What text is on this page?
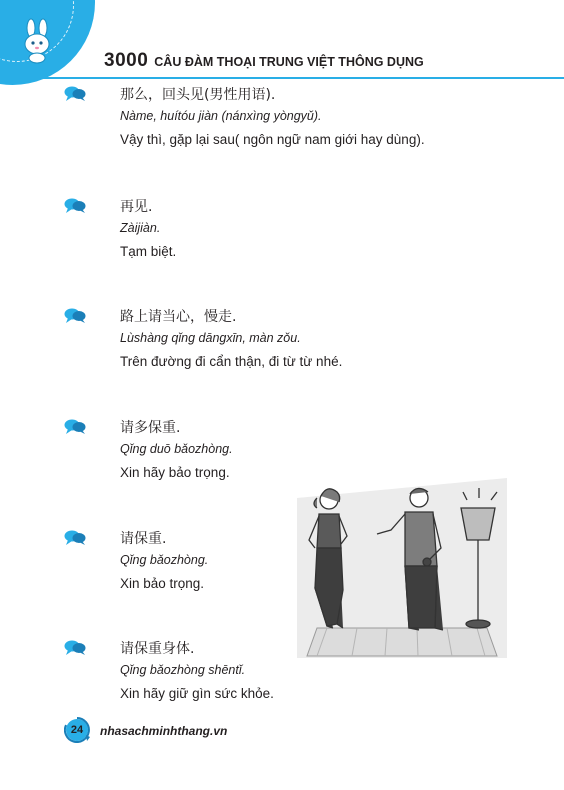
3000 CÂU ĐÀM THOẠI TRUNG VIỆT THÔNG DỤNG
那么，回头见(男性用语).
Nàme, huítóu jiàn (nánxìng yòngyǔ).
Vậy thì, gặp lại sau( ngôn ngữ nam giới hay dùng).
再见.
Zàijiàn.
Tạm biệt.
路上请当心，慢走.
Lùshàng qǐng dāngxīn, màn zǒu.
Trên đường đi cẩn thận, đi từ từ nhé.
请多保重.
Qǐng duō bǎozhòng.
Xin hãy bảo trọng.
请保重.
Qǐng bǎozhòng.
Xin bảo trọng.
请保重身体.
Qǐng bǎozhòng shēntǐ.
Xin hãy giữ gìn sức khỏe.
24	nhasachminhthang.vn
